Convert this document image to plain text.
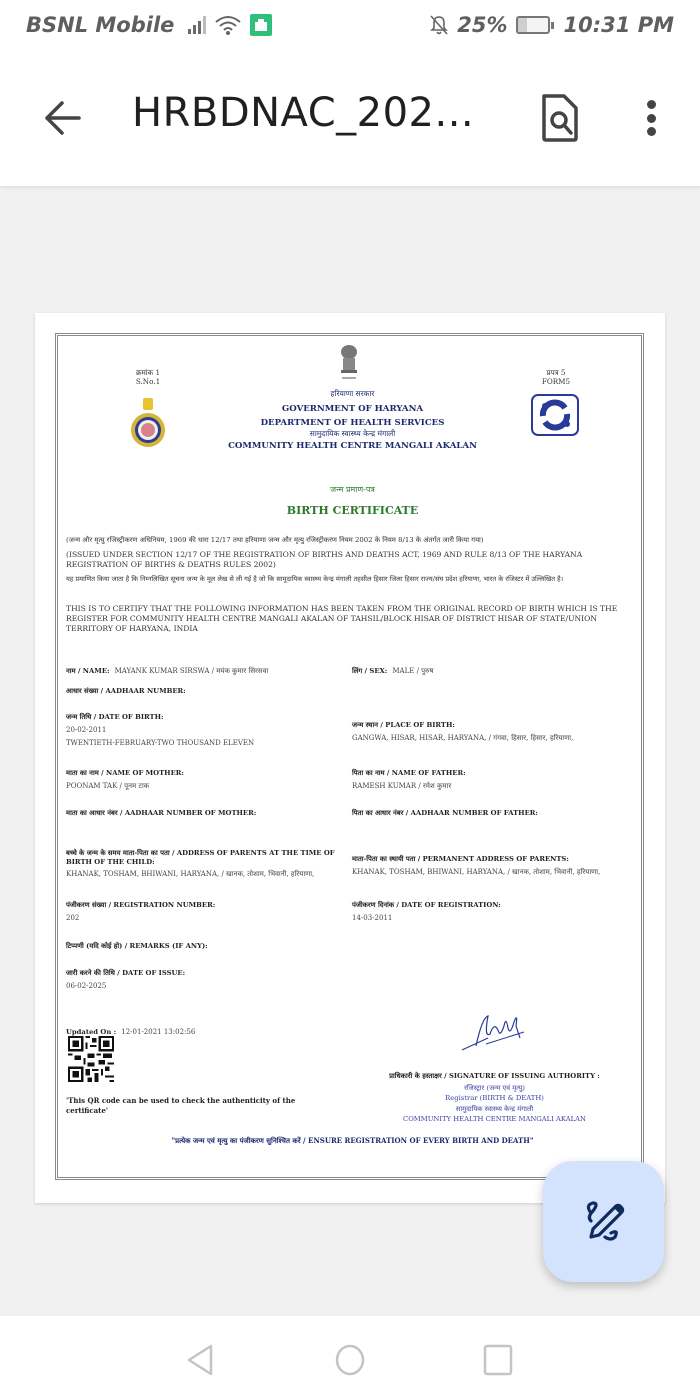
BSNL Mobile	25%	10:31 PM
HRBDNAC_202...
क्रमांक 1
S.No.1
हरियाणा सरकार
GOVERNMENT OF HARYANA
DEPARTMENT OF HEALTH SERVICES
सामुदायिक स्वास्थ्य केन्द्र मंगाली
COMMUNITY HEALTH CENTRE MANGALI AKALAN
प्रपत्र 5
FORM5
जन्म प्रमाण-पत्र
BIRTH CERTIFICATE
(जन्म और मृत्यु रजिस्ट्रीकरण अधिनियम, 1969 की धारा 12/17 तथा हरियाणा जन्म और मृत्यु रजिस्ट्रीकरण नियम 2002 के नियम 8/13 के अंतर्गत जारी किया गया)
(ISSUED UNDER SECTION 12/17 OF THE REGISTRATION OF BIRTHS AND DEATHS ACT, 1969 AND RULE 8/13 OF THE HARYANA REGISTRATION OF BIRTHS & DEATHS RULES 2002)
यह प्रमाणित किया जाता है कि निम्नलिखित सूचना जन्म के मूल लेख से ली गई है जो कि सामुदायिक स्वास्थ्य केन्द्र मंगाली तहसील हिसार जिला हिसार राज्य/संघ प्रदेश हरियाणा, भारत के रजिस्टर में उल्लिखित है।
THIS IS TO CERTIFY THAT THE FOLLOWING INFORMATION HAS BEEN TAKEN FROM THE ORIGINAL RECORD OF BIRTH WHICH IS THE REGISTER FOR COMMUNITY HEALTH CENTRE MANGALI AKALAN OF TAHSIL/BLOCK HISAR OF DISTRICT HISAR OF STATE/UNION TERRITORY OF HARYANA, INDIA
नाम / NAME: MAYANK KUMAR SIRSWA / मयंक कुमार सिरसवा	लिंग / SEX: MALE / पुरुष
आधार संख्या / AADHAAR NUMBER:
जन्म तिथि / DATE OF BIRTH:
20-02-2011
TWENTIETH-FEBRUARY-TWO THOUSAND ELEVEN
जन्म स्थान / PLACE OF BIRTH:
GANGWA, HISAR, HISAR, HARYANA, / गंगवा, हिसार, हिसार, हरियाणा,
माता का नाम / NAME OF MOTHER:
POONAM TAK / पूनम टाक
पिता का नाम / NAME OF FATHER:
RAMESH KUMAR / रमेश कुमार
माता का आधार नंबर / AADHAAR NUMBER OF MOTHER:	पिता का आधार नंबर / AADHAAR NUMBER OF FATHER:
बच्चे के जन्म के समय माता-पिता का पता / ADDRESS OF PARENTS AT THE TIME OF BIRTH OF THE CHILD:
KHANAK, TOSHAM, BHIWANI, HARYANA, / खानक, तोशाम, भिवानी, हरियाणा,
माता-पिता का स्थायी पता / PERMANENT ADDRESS OF PARENTS:
KHANAK, TOSHAM, BHIWANI, HARYANA, / खानक, तोशाम, भिवानी, हरियाणा,
पंजीकरण संख्या / REGISTRATION NUMBER:
202
पंजीकरण दिनांक / DATE OF REGISTRATION:
14-03-2011
टिप्पणी (यदि कोई हो) / REMARKS (IF ANY):
जारी करने की तिथि / DATE OF ISSUE:
06-02-2025
Updated On : 12-01-2021 13:02:56
'This QR code can be used to check the authenticity of the certificate'
प्राधिकारी के हस्ताक्षर / SIGNATURE OF ISSUING AUTHORITY :
रजिस्ट्रार (जन्म एवं मृत्यु)
Registrar (BIRTH & DEATH)
सामुदायिक स्वास्थ्य केन्द्र मंगाली
COMMUNITY HEALTH CENTRE MANGALI AKALAN
"प्रत्येक जन्म एवं मृत्यु का पंजीकरण सुनिश्चित करें / ENSURE REGISTRATION OF EVERY BIRTH AND DEATH"
